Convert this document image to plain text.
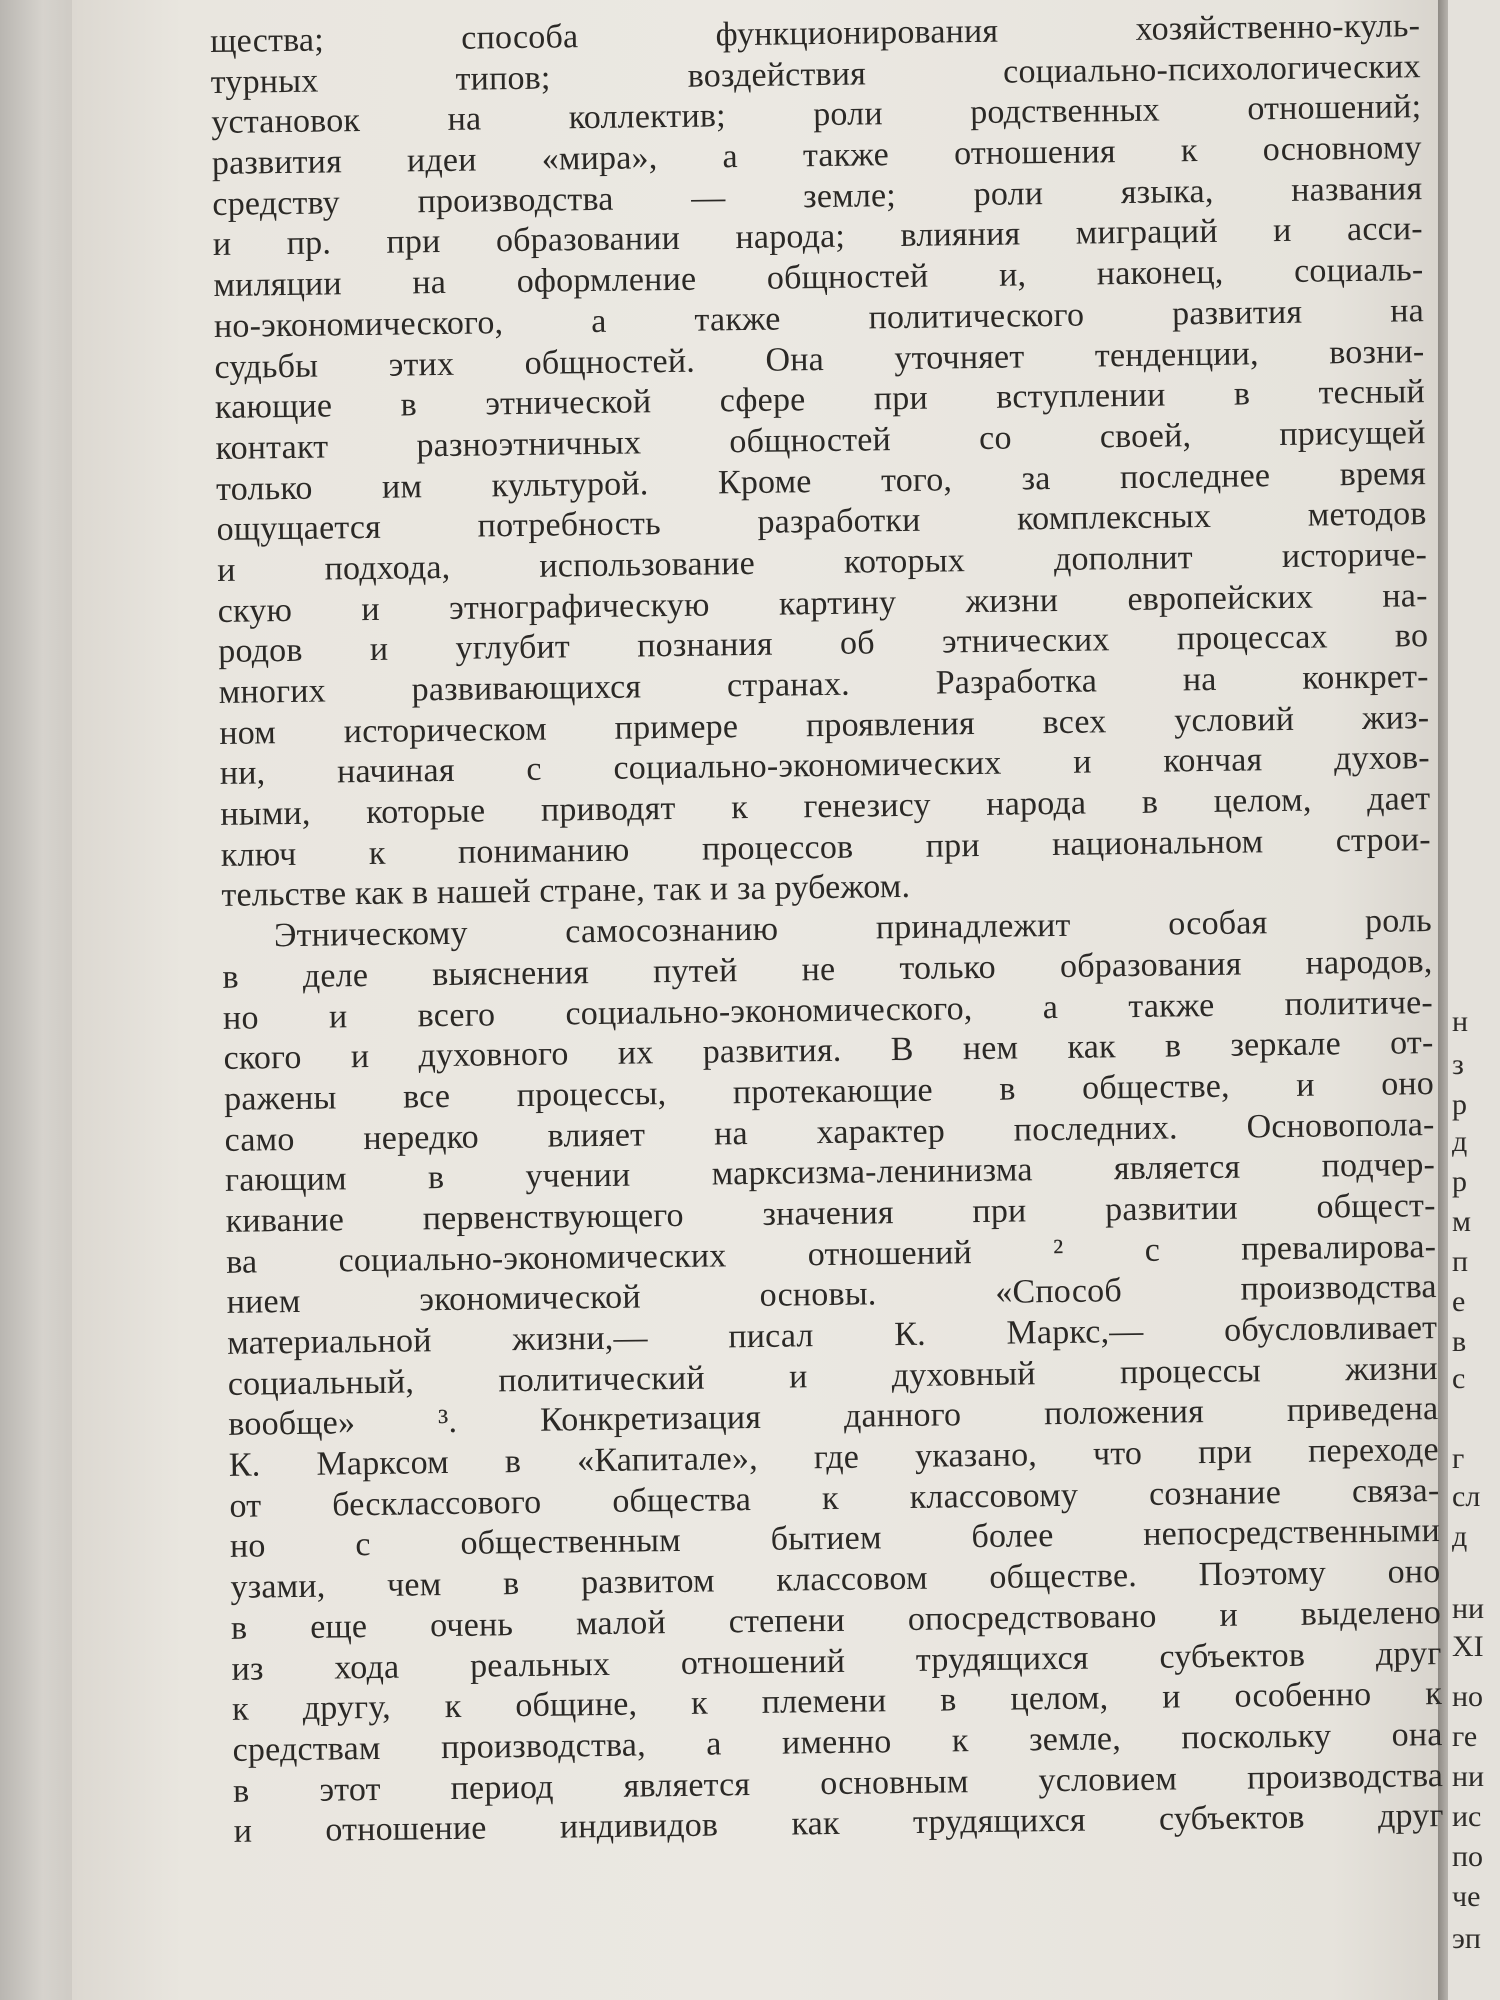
н
з
р
д
р
м
п
е
в
с
г
сл
д
ни
XI
но
ге
ни
ис
по
че
эп
щества; способа функционирования хозяйственно-куль-
турных типов; воздействия социально-психологических
установок на коллектив; роли родственных отношений;
развития идеи «мира», а также отношения к основному
средству производства — земле; роли языка, названия
и пр. при образовании народа; влияния миграций и асси-
миляции на оформление общностей и, наконец, социаль-
но-экономического, а также политического развития на
судьбы этих общностей. Она уточняет тенденции, возни-
кающие в этнической сфере при вступлении в тесный
контакт разноэтничных общностей со своей, присущей
только им культурой. Кроме того, за последнее время
ощущается потребность разработки комплексных методов
и подхода, использование которых дополнит историче-
скую и этнографическую картину жизни европейских на-
родов и углубит познания об этнических процессах во
многих развивающихся странах. Разработка на конкрет-
ном историческом примере проявления всех условий жиз-
ни, начиная с социально-экономических и кончая духов-
ными, которые приводят к генезису народа в целом, дает
ключ к пониманию процессов при национальном строи-
тельстве как в нашей стране, так и за рубежом.
Этническому самосознанию принадлежит особая роль
в деле выяснения путей не только образования народов,
но и всего социально-экономического, а также политиче-
ского и духовного их развития. В нем как в зеркале от-
ражены все процессы, протекающие в обществе, и оно
само нередко влияет на характер последних. Основопола-
гающим в учении марксизма-ленинизма является подчер-
кивание первенствующего значения при развитии общест-
ва социально-экономических отношений ² с превалирова-
нием экономической основы. «Способ производства
материальной жизни,— писал К. Маркс,— обусловливает
социальный, политический и духовный процессы жизни
вообще» ³. Конкретизация данного положения приведена
К. Марксом в «Капитале», где указано, что при переходе
от бесклассового общества к классовому сознание связа-
но с общественным бытием более непосредственными
узами, чем в развитом классовом обществе. Поэтому оно
в еще очень малой степени опосредствовано и выделено
из хода реальных отношений трудящихся субъектов друг
к другу, к общине, к племени в целом, и особенно к
средствам производства, а именно к земле, поскольку она
в этот период является основным условием производства
и отношение индивидов как трудящихся субъектов друг
